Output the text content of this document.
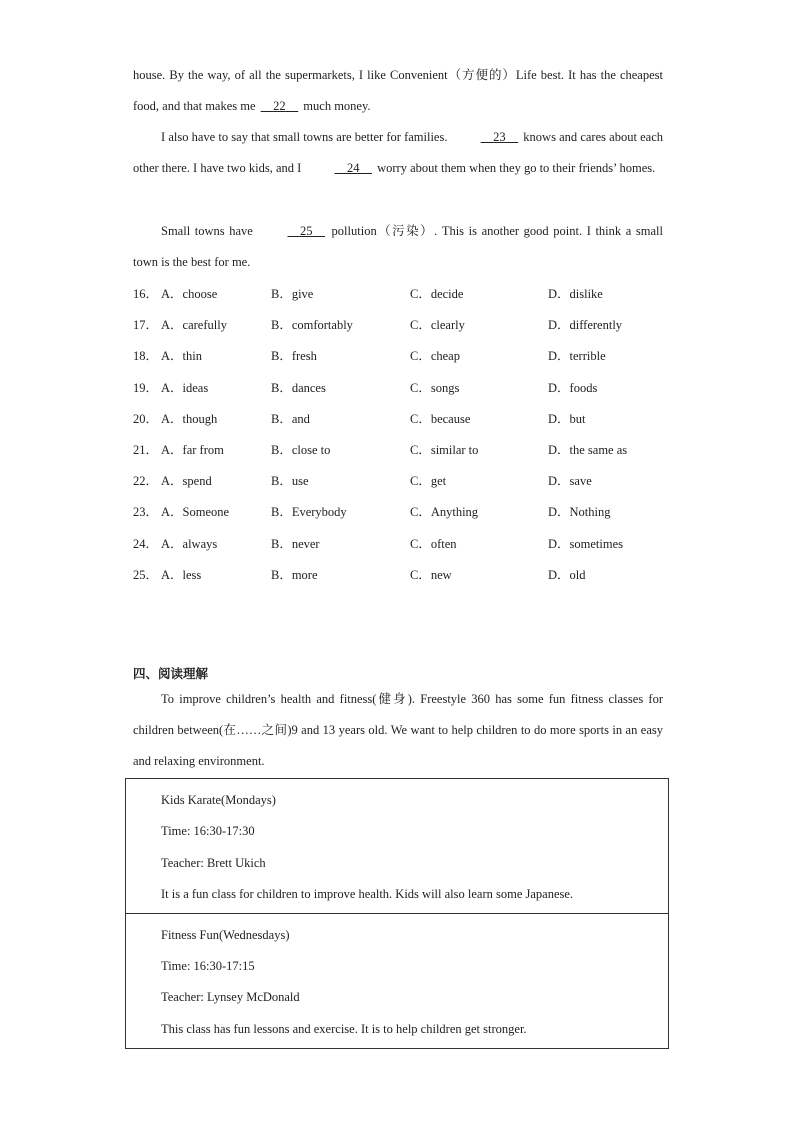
house. By the way, of all the supermarkets, I like Convenient（方便的）Life best. It has the cheapest food, and that makes me 22 much money.

I also have to say that small towns are better for families.	23 knows and cares about each other there. I have two kids, and I	24 worry about them when they go to their friends’ homes.

Small towns have	25 pollution（污染）. This is another good point. I think a small town is the best for me.

16． A．choose	B．give	C．decide	D．dislike
17． A．carefully	B．comfortably	C．clearly	D．differently
18． A．thin	B．fresh	C．cheap	D．terrible
19． A．ideas	B．dances	C．songs	D．foods
20． A．though	B．and	C．because	D．but
21． A．far from	B．close to	C．similar to	D．the same as
22． A．spend	B．use	C．get	D．save
23． A．Someone	B．Everybody	C．Anything	D．Nothing
24． A．always	B．never	C．often	D．sometimes
25． A．less	B．more	C．new	D．old
四、阅读理解

To improve children’s health and fitness(健身). Freestyle 360 has some fun fitness classes for children between(在……之间)9 and 13 years old. We want to help children to do more sports in an easy and relaxing environment.

Kids Karate(Mondays)
Time: 16:30-17:30
Teacher: Brett Ukich
It is a fun class for children to improve health. Kids will also learn some Japanese.
Fitness Fun(Wednesdays)
Time: 16:30-17:15
Teacher: Lynsey McDonald
This class has fun lessons and exercise. It is to help children get stronger.
